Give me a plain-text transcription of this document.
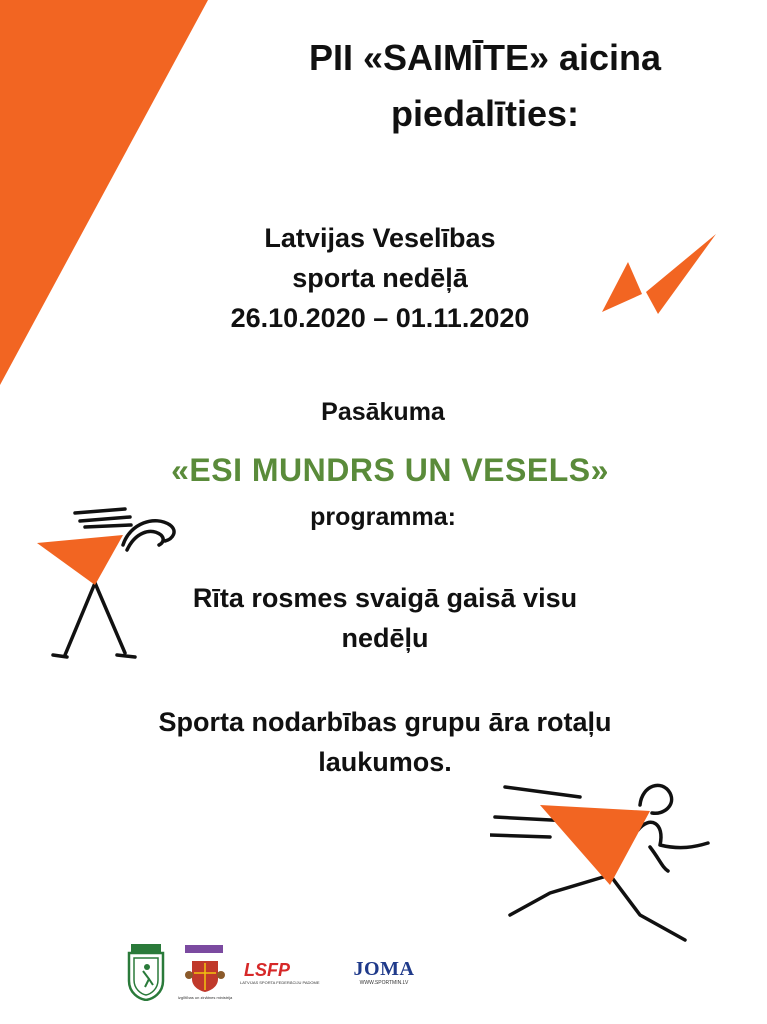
PII «SAIMĪTE» aicina
piedalīties:
Latvijas Veselības
sporta nedēļā
26.10.2020 – 01.11.2020
Pasākuma
«ESI MUNDRS UN VESELS»
programma:
Rīta rosmes svaigā gaisā visu
nedēļu
Sporta nodarbības grupu āra rotaļu
laukumos.
Izglītības un zinātnes ministrija
LSFP
LATVIJAS SPORTA FEDERĀCIJU PADOME
JOMA
WWW.SPORTMIN.LV
